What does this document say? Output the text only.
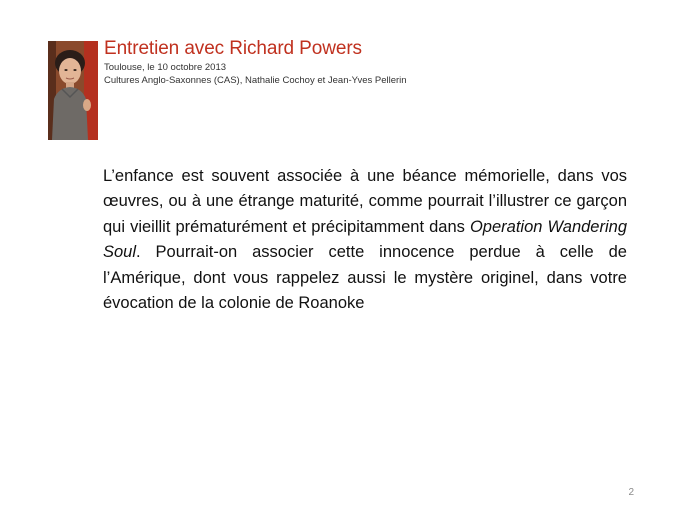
Entretien avec Richard Powers
Toulouse, le 10 octobre 2013
Cultures Anglo-Saxonnes (CAS), Nathalie Cochoy et Jean-Yves Pellerin

L’enfance est souvent associée à une béance mémorielle, dans vos œuvres, ou à une étrange maturité, comme pourrait l’illustrer ce garçon qui vieillit prématurément et précipitamment dans Operation Wandering Soul. Pourrait-on associer cette innocence perdue à celle de l’Amérique, dont vous rappelez aussi le mystère originel, dans votre évocation de la colonie de Roanoke

2
